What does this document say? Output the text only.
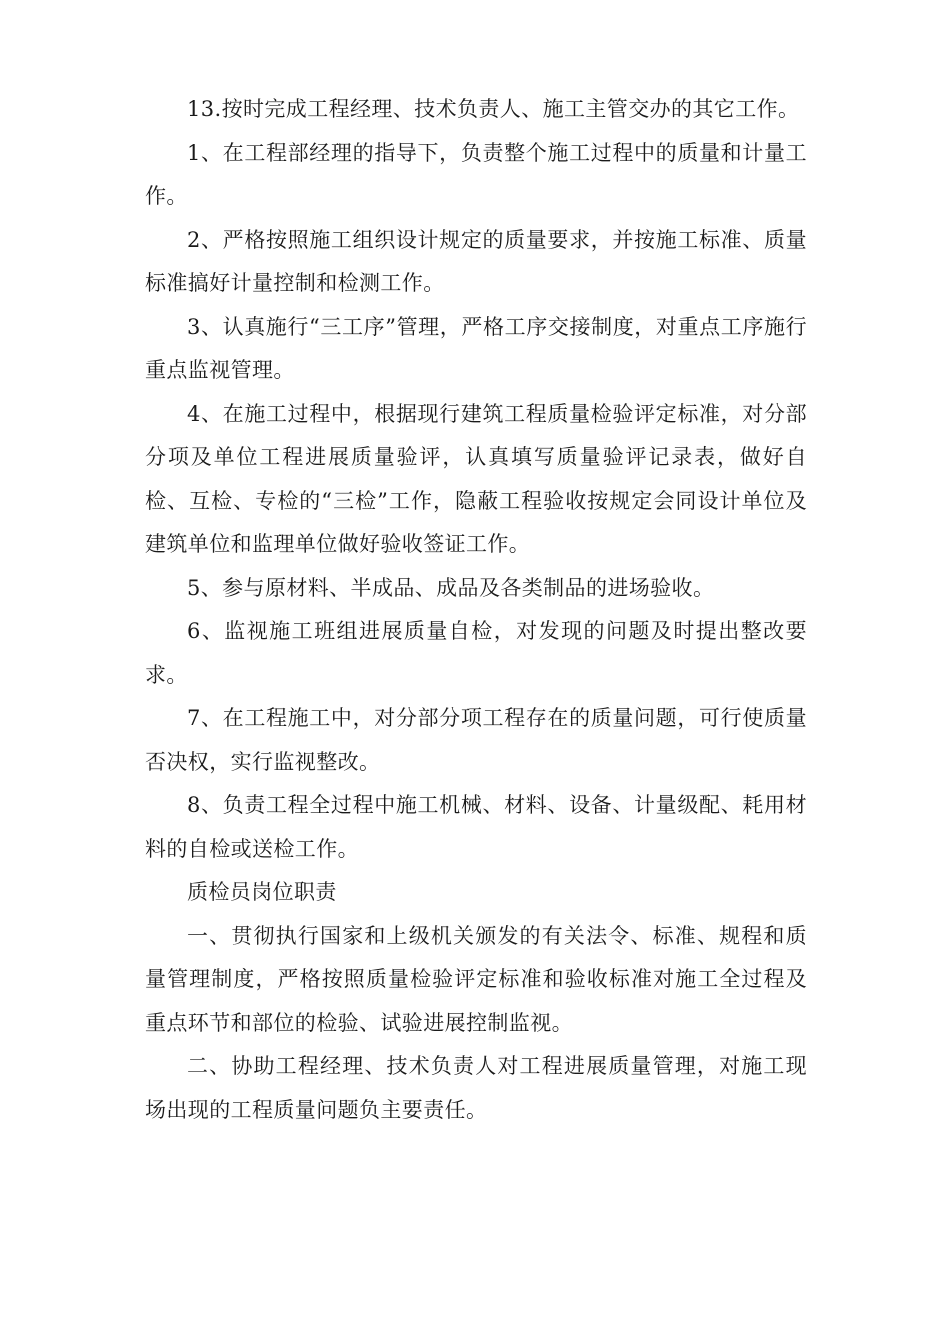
13.按时完成工程经理、技术负责人、施工主管交办的其它工作。

1、在工程部经理的指导下，负责整个施工过程中的质量和计量工作。

2、严格按照施工组织设计规定的质量要求，并按施工标准、质量标准搞好计量控制和检测工作。

3、认真施行“三工序”管理，严格工序交接制度，对重点工序施行重点监视管理。

4、在施工过程中，根据现行建筑工程质量检验评定标准，对分部分项及单位工程进展质量验评，认真填写质量验评记录表，做好自检、互检、专检的“三检”工作，隐蔽工程验收按规定会同设计单位及建筑单位和监理单位做好验收签证工作。

5、参与原材料、半成品、成品及各类制品的进场验收。

6、监视施工班组进展质量自检，对发现的问题及时提出整改要求。

7、在工程施工中，对分部分项工程存在的质量问题，可行使质量否决权，实行监视整改。

8、负责工程全过程中施工机械、材料、设备、计量级配、耗用材料的自检或送检工作。

质检员岗位职责

一、贯彻执行国家和上级机关颁发的有关法令、标准、规程和质量管理制度，严格按照质量检验评定标准和验收标准对施工全过程及重点环节和部位的检验、试验进展控制监视。

二、协助工程经理、技术负责人对工程进展质量管理，对施工现场出现的工程质量问题负主要责任。
